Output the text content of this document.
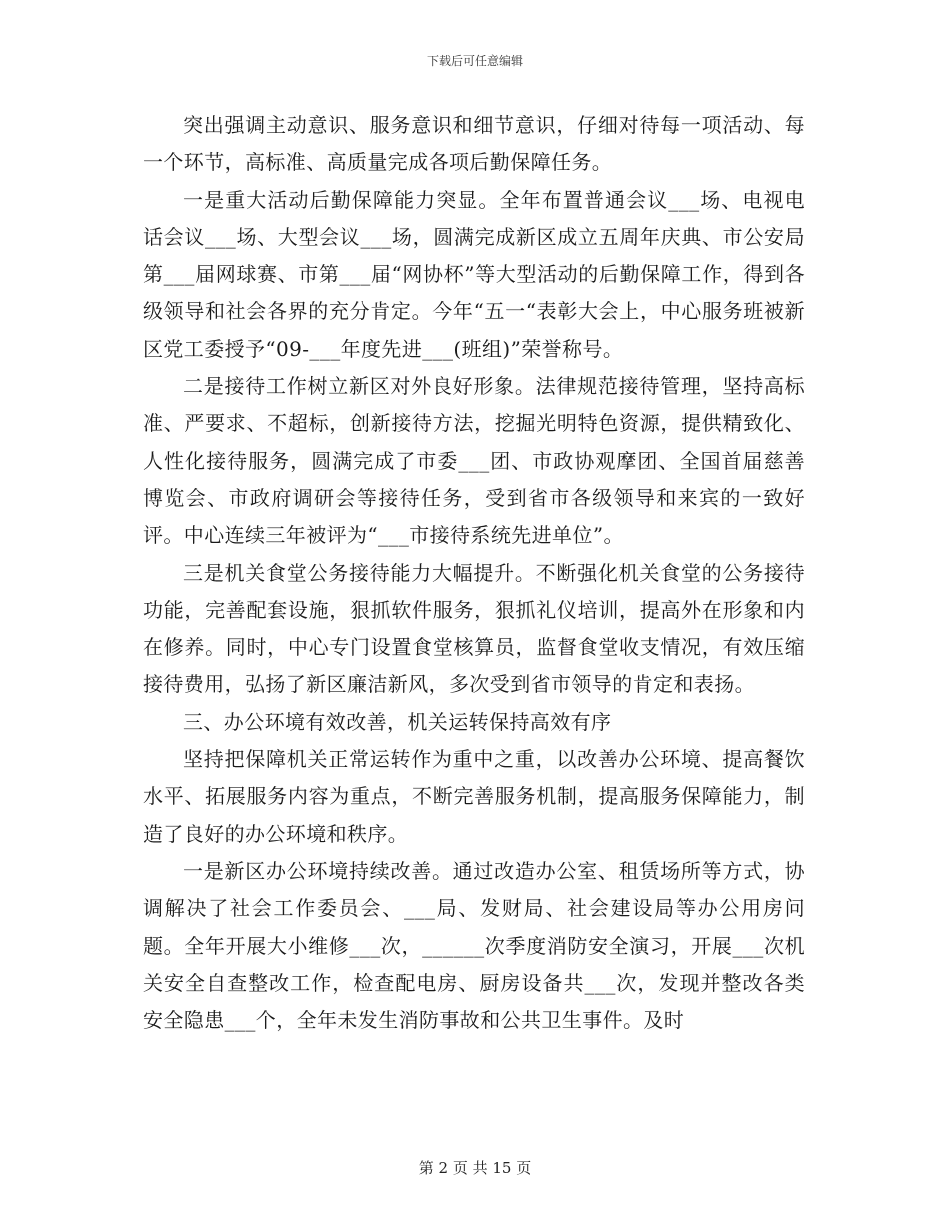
下载后可任意编辑

突出强调主动意识、服务意识和细节意识，仔细对待每一项活动、每一个环节，高标准、高质量完成各项后勤保障任务。

一是重大活动后勤保障能力突显。全年布置普通会议___场、电视电话会议___场、大型会议___场，圆满完成新区成立五周年庆典、市公安局第___届网球赛、市第___届“网协杯”等大型活动的后勤保障工作，得到各级领导和社会各界的充分肯定。今年“五一“表彰大会上，中心服务班被新区党工委授予“09-___年度先进___(班组)”荣誉称号。

二是接待工作树立新区对外良好形象。法律规范接待管理，坚持高标准、严要求、不超标，创新接待方法，挖掘光明特色资源，提供精致化、人性化接待服务，圆满完成了市委___团、市政协观摩团、全国首届慈善博览会、市政府调研会等接待任务，受到省市各级领导和来宾的一致好评。中心连续三年被评为“___市接待系统先进单位”。

三是机关食堂公务接待能力大幅提升。不断强化机关食堂的公务接待功能，完善配套设施，狠抓软件服务，狠抓礼仪培训，提高外在形象和内在修养。同时，中心专门设置食堂核算员，监督食堂收支情况，有效压缩接待费用，弘扬了新区廉洁新风，多次受到省市领导的肯定和表扬。

三、办公环境有效改善，机关运转保持高效有序

坚持把保障机关正常运转作为重中之重，以改善办公环境、提高餐饮水平、拓展服务内容为重点，不断完善服务机制，提高服务保障能力，制造了良好的办公环境和秩序。

一是新区办公环境持续改善。通过改造办公室、租赁场所等方式，协调解决了社会工作委员会、___局、发财局、社会建设局等办公用房问题。全年开展大小维修___次，______次季度消防安全演习，开展___次机关安全自查整改工作，检查配电房、厨房设备共___次，发现并整改各类安全隐患___个，全年未发生消防事故和公共卫生事件。及时

第 2 页 共 15 页
